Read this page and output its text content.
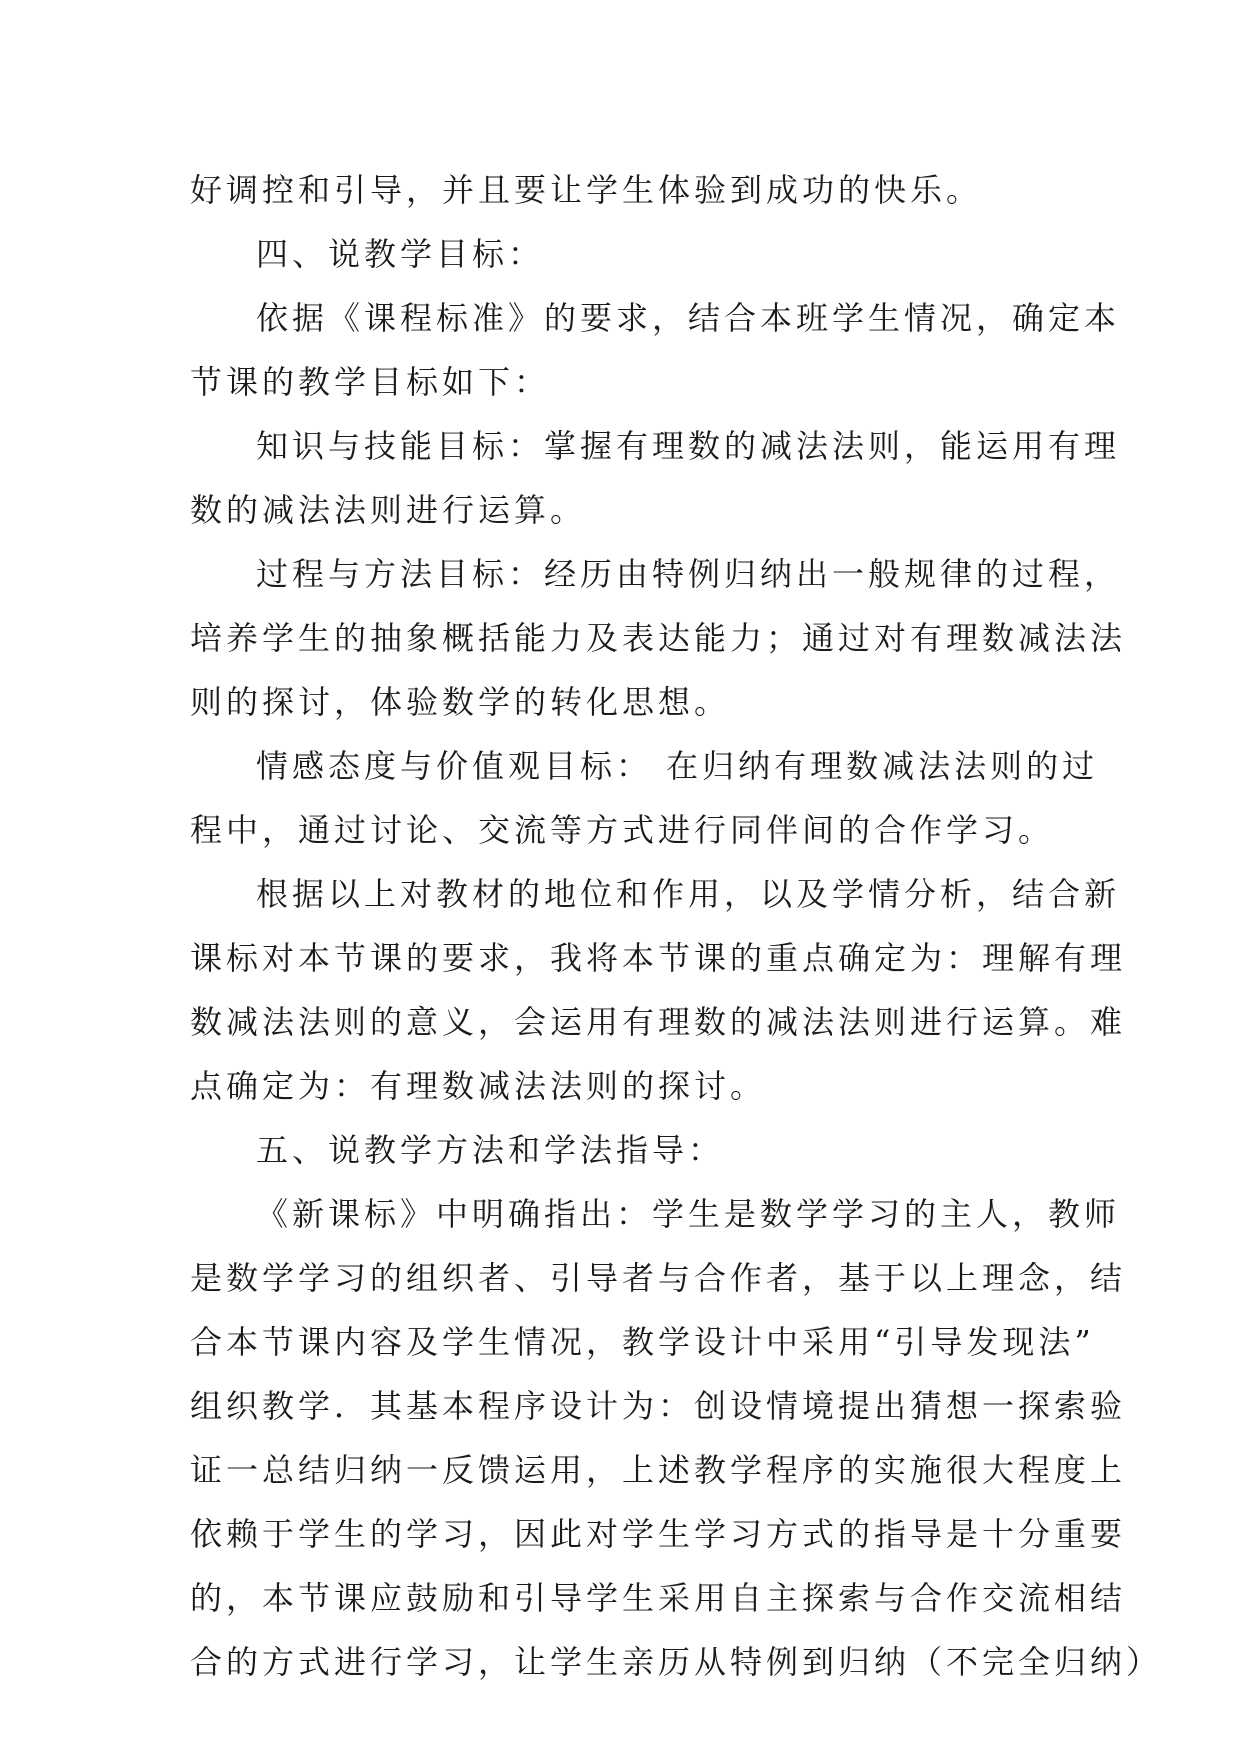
好调控和引导，并且要让学生体验到成功的快乐。
四、说教学目标：
依据《课程标准》的要求，结合本班学生情况，确定本
节课的教学目标如下：
知识与技能目标：掌握有理数的减法法则，能运用有理
数的减法法则进行运算。
过程与方法目标：经历由特例归纳出一般规律的过程，
培养学生的抽象概括能力及表达能力；通过对有理数减法法
则的探讨，体验数学的转化思想。
情感态度与价值观目标： 在归纳有理数减法法则的过
程中，通过讨论、交流等方式进行同伴间的合作学习。
根据以上对教材的地位和作用，以及学情分析，结合新
课标对本节课的要求，我将本节课的重点确定为：理解有理
数减法法则的意义，会运用有理数的减法法则进行运算。难
点确定为：有理数减法法则的探讨。
五、说教学方法和学法指导：
《新课标》中明确指出：学生是数学学习的主人，教师
是数学学习的组织者、引导者与合作者，基于以上理念，结
合本节课内容及学生情况，教学设计中采用“引导发现法”
组织教学．其基本程序设计为：创设情境提出猜想一探索验
证一总结归纳一反馈运用，上述教学程序的实施很大程度上
依赖于学生的学习，因此对学生学习方式的指导是十分重要
的，本节课应鼓励和引导学生采用自主探索与合作交流相结
合的方式进行学习，让学生亲历从特例到归纳（不完全归纳）
